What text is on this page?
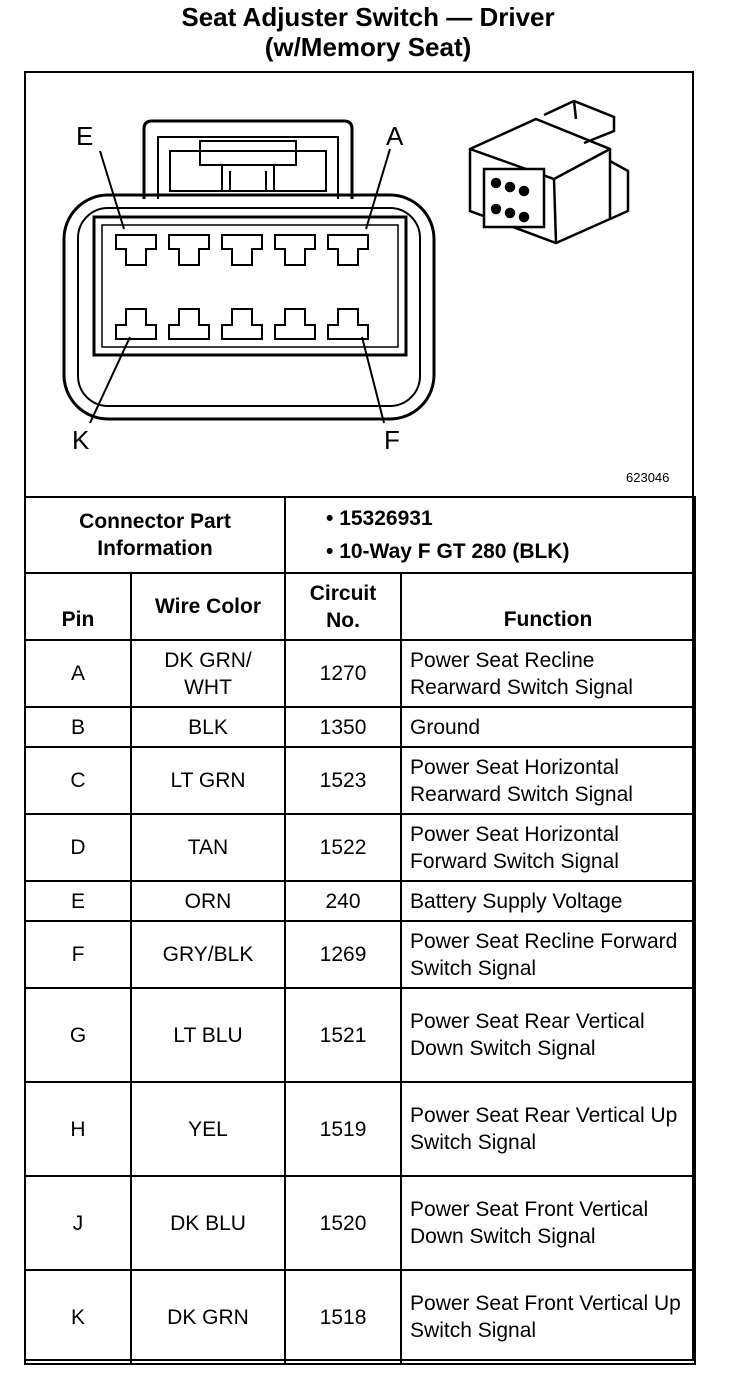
Seat Adjuster Switch — Driver
(w/Memory Seat)
E	A
K	F
623046
Connector Part Information		• 15326931
• 10-Way F GT 280 (BLK)	

Pin	Wire Color	Circuit No.	Function
A	DK GRN/ WHT	1270	Power Seat Recline Rearward Switch Signal
B	BLK	1350	Ground
C	LT GRN	1523	Power Seat Horizontal Rearward Switch Signal
D	TAN	1522	Power Seat Horizontal Forward Switch Signal
E	ORN	240	Battery Supply Voltage
F	GRY/BLK	1269	Power Seat Recline Forward Switch Signal
G	LT BLU	1521	Power Seat Rear Vertical Down Switch Signal
H	YEL	1519	Power Seat Rear Vertical Up Switch Signal
J	DK BLU	1520	Power Seat Front Vertical Down Switch Signal
K	DK GRN	1518	Power Seat Front Vertical Up Switch Signal
